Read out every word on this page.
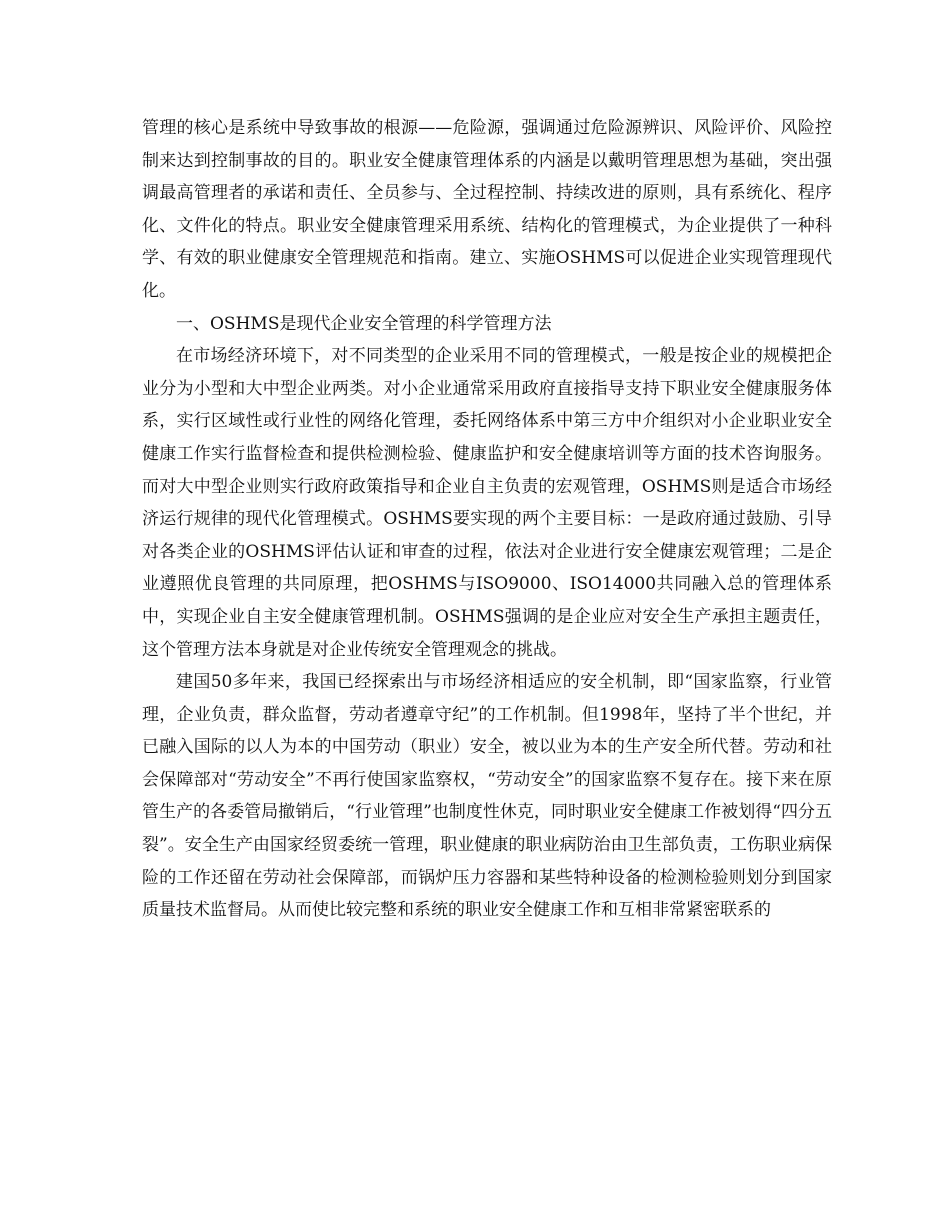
管理的核心是系统中导致事故的根源——危险源，强调通过危险源辨识、风险评价、风险控制来达到控制事故的目的。职业安全健康管理体系的内涵是以戴明管理思想为基础，突出强调最高管理者的承诺和责任、全员参与、全过程控制、持续改进的原则，具有系统化、程序化、文件化的特点。职业安全健康管理采用系统、结构化的管理模式，为企业提供了一种科学、有效的职业健康安全管理规范和指南。建立、实施OSHMS可以促进企业实现管理现代化。

一、OSHMS是现代企业安全管理的科学管理方法

在市场经济环境下，对不同类型的企业采用不同的管理模式，一般是按企业的规模把企业分为小型和大中型企业两类。对小企业通常采用政府直接指导支持下职业安全健康服务体系，实行区域性或行业性的网络化管理，委托网络体系中第三方中介组织对小企业职业安全健康工作实行监督检查和提供检测检验、健康监护和安全健康培训等方面的技术咨询服务。而对大中型企业则实行政府政策指导和企业自主负责的宏观管理，OSHMS则是适合市场经济运行规律的现代化管理模式。OSHMS要实现的两个主要目标：一是政府通过鼓励、引导对各类企业的OSHMS评估认证和审查的过程，依法对企业进行安全健康宏观管理；二是企业遵照优良管理的共同原理，把OSHMS与ISO9000、ISO14000共同融入总的管理体系中，实现企业自主安全健康管理机制。OSHMS强调的是企业应对安全生产承担主题责任，这个管理方法本身就是对企业传统安全管理观念的挑战。

建国50多年来，我国已经探索出与市场经济相适应的安全机制，即“国家监察，行业管理，企业负责，群众监督，劳动者遵章守纪”的工作机制。但1998年，坚持了半个世纪，并已融入国际的以人为本的中国劳动（职业）安全，被以业为本的生产安全所代替。劳动和社会保障部对“劳动安全”不再行使国家监察权，“劳动安全”的国家监察不复存在。接下来在原管生产的各委管局撤销后，“行业管理”也制度性休克，同时职业安全健康工作被划得“四分五裂”。安全生产由国家经贸委统一管理，职业健康的职业病防治由卫生部负责，工伤职业病保险的工作还留在劳动社会保障部，而锅炉压力容器和某些特种设备的检测检验则划分到国家质量技术监督局。从而使比较完整和系统的职业安全健康工作和互相非常紧密联系的
